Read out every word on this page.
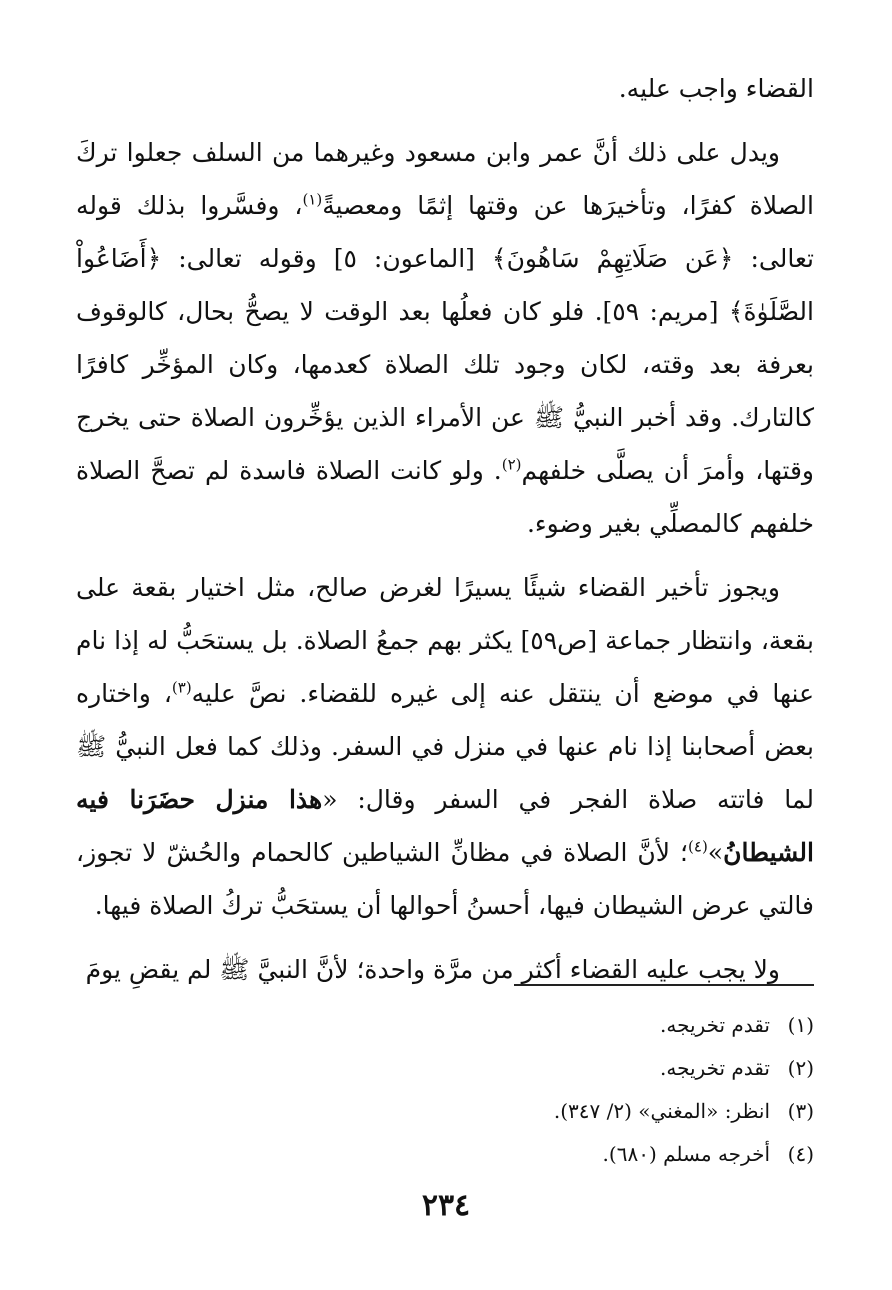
القضاء واجب عليه.

ويدل على ذلك أنَّ عمر وابن مسعود وغيرهما من السلف جعلوا تركَ الصلاة كفرًا، وتأخيرَها عن وقتها إثمًا ومعصيةً$^{(١)}$، وفسَّروا بذلك قوله تعالى: ﴿عَن صَلَاتِهِمْ سَاهُونَ﴾ [الماعون: ٥] وقوله تعالى: ﴿أَضَاعُواْ الصَّلَوٰةَ﴾ [مريم: ٥٩]. فلو كان فعلُها بعد الوقت لا يصحُّ بحال، كالوقوف بعرفة بعد وقته، لكان وجود تلك الصلاة كعدمها، وكان المؤخِّر كافرًا كالتارك. وقد أخبر النبيُّ ﷺ عن الأمراء الذين يؤخِّرون الصلاة حتى يخرج وقتها، وأمرَ أن يصلَّى خلفهم$^{(٢)}$. ولو كانت الصلاة فاسدة لم تصحَّ الصلاة خلفهم كالمصلِّي بغير وضوء.

ويجوز تأخير القضاء شيئًا يسيرًا لغرض صالح، مثل اختيار بقعة على بقعة، وانتظار جماعة [ص٥٩] يكثر بهم جمعُ الصلاة. بل يستحَبُّ له إذا نام عنها في موضع أن ينتقل عنه إلى غيره للقضاء. نصَّ عليه$^{(٣)}$، واختاره بعض أصحابنا إذا نام عنها في منزل في السفر. وذلك كما فعل النبيُّ ﷺ لما فاتته صلاة الفجر في السفر وقال: «هذا منزل حضَرَنا فيه الشيطانُ»$^{(٤)}$؛ لأنَّ الصلاة في مظانِّ الشياطين كالحمام والحُشّ لا تجوز، فالتي عرض الشيطان فيها، أحسنُ أحوالها أن يستحَبُّ تركُ الصلاة فيها.

ولا يجب عليه القضاء أكثر من مرَّة واحدة؛ لأنَّ النبيَّ ﷺ لم يقضِ يومَ

(١)تقدم تخريجه.
(٢)تقدم تخريجه.
(٣)انظر: «المغني» (٢/ ٣٤٧).
(٤)أخرجه مسلم (٦٨٠).
٢٣٤
